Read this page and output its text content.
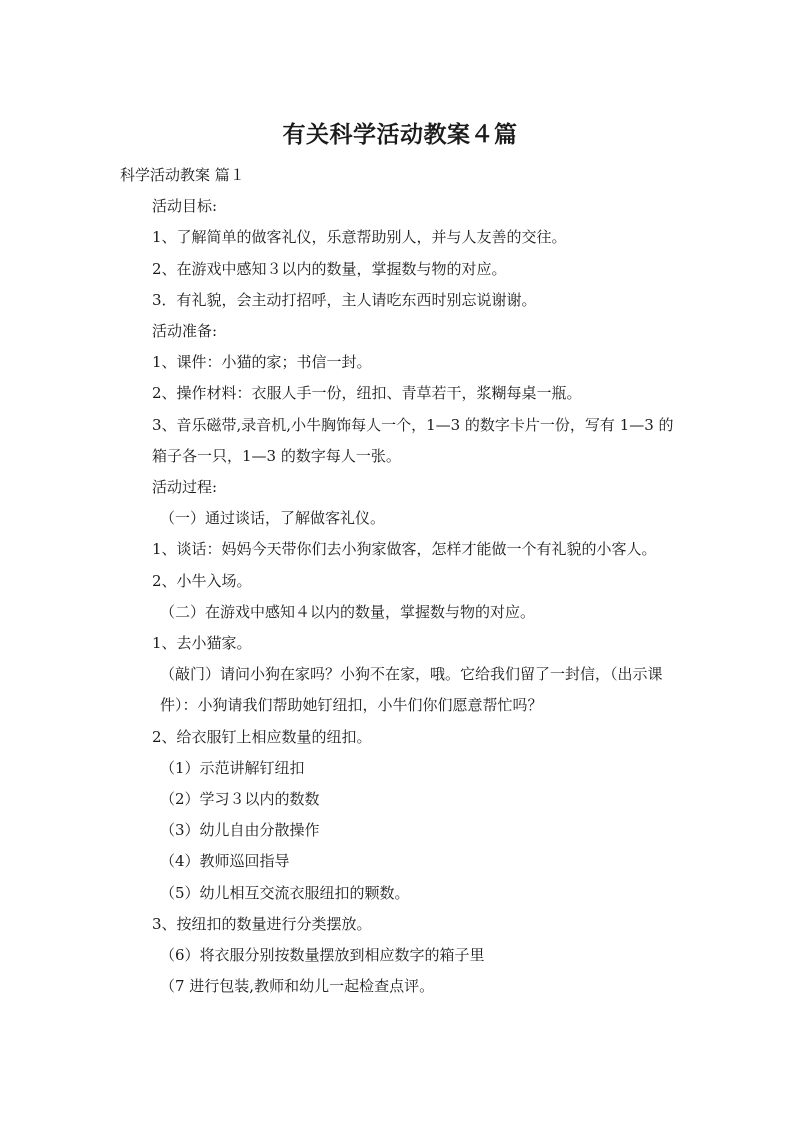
有关科学活动教案４篇

科学活动教案 篇１

活动目标:

1、了解简单的做客礼仪，乐意帮助别人，并与人友善的交往。

2、在游戏中感知３以内的数量，掌握数与物的对应。

3．有礼貌，会主动打招呼，主人请吃东西时别忘说谢谢。

活动准备:

1、课件：小猫的家；书信一封。

2、操作材料：衣服人手一份，纽扣、青草若干，浆糊每桌一瓶。

3、音乐磁带,录音机,小牛胸饰每人一个，1—3 的数字卡片一份，写有 1—3 的箱子各一只，1—3 的数字每人一张。

活动过程:

（一）通过谈话，了解做客礼仪。

1、谈话：妈妈今天带你们去小狗家做客，怎样才能做一个有礼貌的小客人。

2、小牛入场。

（二）在游戏中感知４以内的数量，掌握数与物的对应。

1、去小猫家。

（敲门）请问小狗在家吗？小狗不在家，哦。它给我们留了一封信，（出示课件）：小狗请我们帮助她钉纽扣，小牛们你们愿意帮忙吗？

2、给衣服钉上相应数量的纽扣。

（1）示范讲解钉纽扣

（2）学习３以内的数数

（3）幼儿自由分散操作

（4）教师巡回指导

（5）幼儿相互交流衣服纽扣的颗数。

3、按纽扣的数量进行分类摆放。

（6）将衣服分别按数量摆放到相应数字的箱子里

（7 进行包装,教师和幼儿一起检查点评。
